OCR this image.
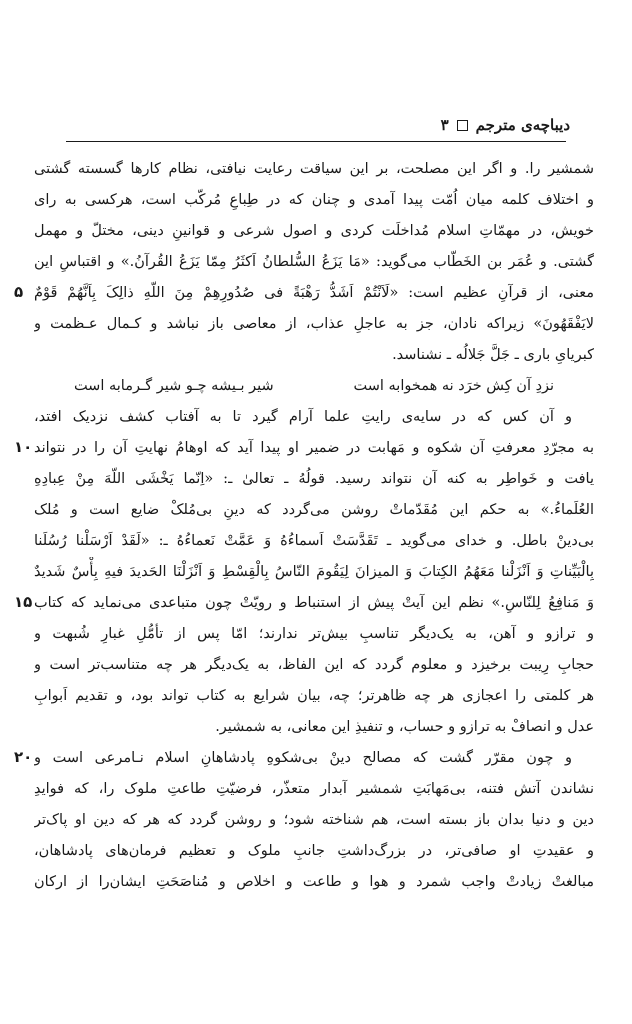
دیباچه‌ی مترجم
۳
شمشیر را. و اگر این مصلحت، بر این سیاقت رعایت نیافتی، نظام کارها گسسته گشتی
و اختلاف کلمه میان اُمّت پیدا آمدی و چنان که در طِباعِ مُرکّب است، هرکسی به رای
خویش، در مهمّاتِ اسلام مُداخلَت کردی و اصول شرعی و قوانینِ دینی، مختلّ و مهمل
گشتی. و عُمَر بن الخَطّاب می‌گوید: «مَا یَزَعُ السُّلطانُ اَکثَرُ مِمّا یَزَعُ القُرآنُ.» و اقتباسِ این
معنی، از قرآنِ عظیم است: «لَاَنْتُمْ اَشَدُّ رَهْبَةً فی صُدُورِهِمْ مِنَ اللّهِ ذالِکَ بِاَنَّهُمْ قَوْمٌ
لایَفْقَهُونَ» زیراکه نادان، جز به عاجلِ عذاب، از معاصی باز نباشد و کـمال عـظمت و
کبریایِ باری ـ جَلَّ جَلالُه ـ نشناسد.
نزدِ آن کِش خرَد نه همخوابه است
شیر بـیشه چـو شیر گـرمابه است
و آن کس که در سایه‌ی رایتِ علما آرام گیرد تا به آفتاب کشف نزدیک افتد،
به مجرّدِ معرفتِ آن شکوه و مَهابت در ضمیر او پیدا آید که اوهامُ نهایتِ آن را در نتواند
یافت و خَواطِر به کنه آن نتواند رسید. قولُهُ ـ تعالیٰ ـ: «اِنّما یَخْشَی اللّهَ مِنْ عِبادِهِ
العُلَماءُ.» به حکم این مُقَدّماتْ روشن می‌گردد که دینِ بی‌مُلکْ ضایع است و مُلک
بی‌دینْ باطل. و خدای می‌گوید ـ تَقَدَّسَتْ اَسماءُهُ وَ عَمَّتْ نَعماءُهُ ـ: «لَقَدْ اَرْسَلْنا رُسُلَنا
بِالْبَیِّناتِ وَ اَنْزَلْنا مَعَهُمُ الکِتابَ وَ المیزانَ لِیَقُومَ النّاسُ بِالْقِسْطِ وَ اَنْزَلْنَا الحَدیدَ فیهِ بِأْسٌ شَدیدٌ
وَ مَنافِعُ لِلنّاسِ.» نظم این آیتْ پیش از استنباط و رویّتْ چون متباعدی می‌نماید که کتاب
و ترازو و آهن، به یک‌دیگر تناسبِ بیش‌تر ندارند؛ امّا پس از تأمُّلِ غبارِ شُبهت و
حجابِ رِیبت برخیزد و معلوم گردد که این الفاظ، به یک‌دیگر هر چه متناسب‌تر است و
هر کلمتی را اعجازی هر چه ظاهرتر؛ چه، بیان شرایع به کتاب تواند بود، و تقدیم اَبوابِ
عدل و انصافْ به ترازو و حساب، و تنفیذِ این معانی، به شمشیر.
و چون مقرّر گشت که مصالح دینْ بی‌شکوهِ پادشاهانِ اسلام نـامرعی است و
نشاندن آتش فتنه، بی‌مَهابَتِ شمشیر آبدار متعذّر، فرضیّتِ طاعتِ ملوک را، که فوایدِ
دین و دنیا بدان باز بسته است، هم شناخته شود؛ و روشن گردد که هر که دین او پاک‌تر
و عقیدتِ او صافی‌تر، در بزرگ‌داشتِ جانبِ ملوک و تعظیم فرمان‌های پادشاهان،
مبالغتْ زیادتْ واجب شمرد و هوا و طاعت و اخلاص و مُناصَحَتِ ایشان‌را از ارکان
۵
۱۰
۱۵
۲۰
